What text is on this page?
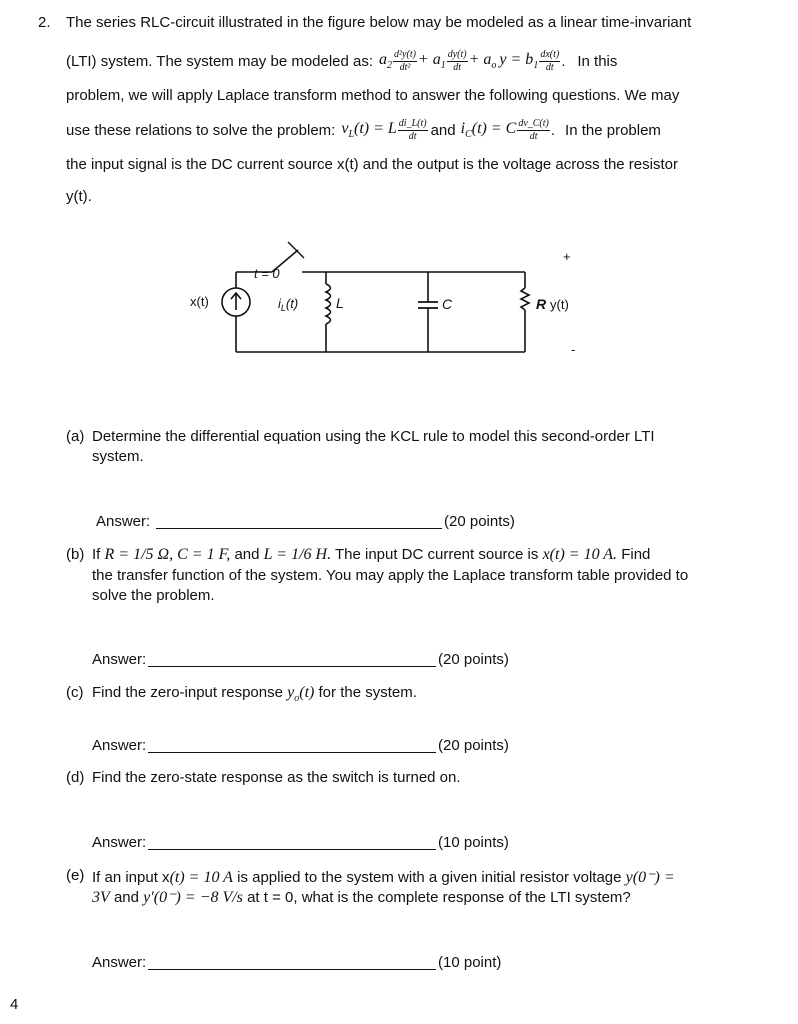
2. The series RLC-circuit illustrated in the figure below may be modeled as a linear time-invariant
(LTI) system. The system may be modeled as: $a_2 \frac{\text{d²y(t)}}{\text{dt²}} + a_1 \frac{dy(t)}{dt} + a_o$ $y = b_1 \frac{dx(t)}{dt}$ . In this
problem, we will apply Laplace transform method to answer the following questions. We may
use these relations to solve the problem: $v_L(t) = L \frac{di\_L(t)}{dt}$ and $i_C(t) = C \frac{dv\_C(t)}{dt}$ . In the problem
the input signal is the DC current source x(t) and the output is the voltage across the resistor
y(t).
+
-
t = 0
x(t)	$i_L(t)$	L	C	R y(t)
(a) Determine the differential equation using the KCL rule to model this second-order LTI
system.
Answer:	(20 points)
(b) If R = 1/5 Ω, C = 1 F, and L = 1/6 H. The input DC current source is x(t) = 10 A. Find
the transfer function of the system. You may apply the Laplace transform table provided to
solve the problem.
Answer:	(20 points)
(c) Find the zero-input response $y_o(t)$ for the system.
Answer:	(20 points)
(d) Find the zero-state response as the switch is turned on.
Answer:	(10 points)
(e) If an input x(t) = 10 A is applied to the system with a given initial resistor voltage y(0⁻) =
3V and y′(0⁻) = −8 V/s at t = 0, what is the complete response of the LTI system?
Answer:	(10 point)
4
